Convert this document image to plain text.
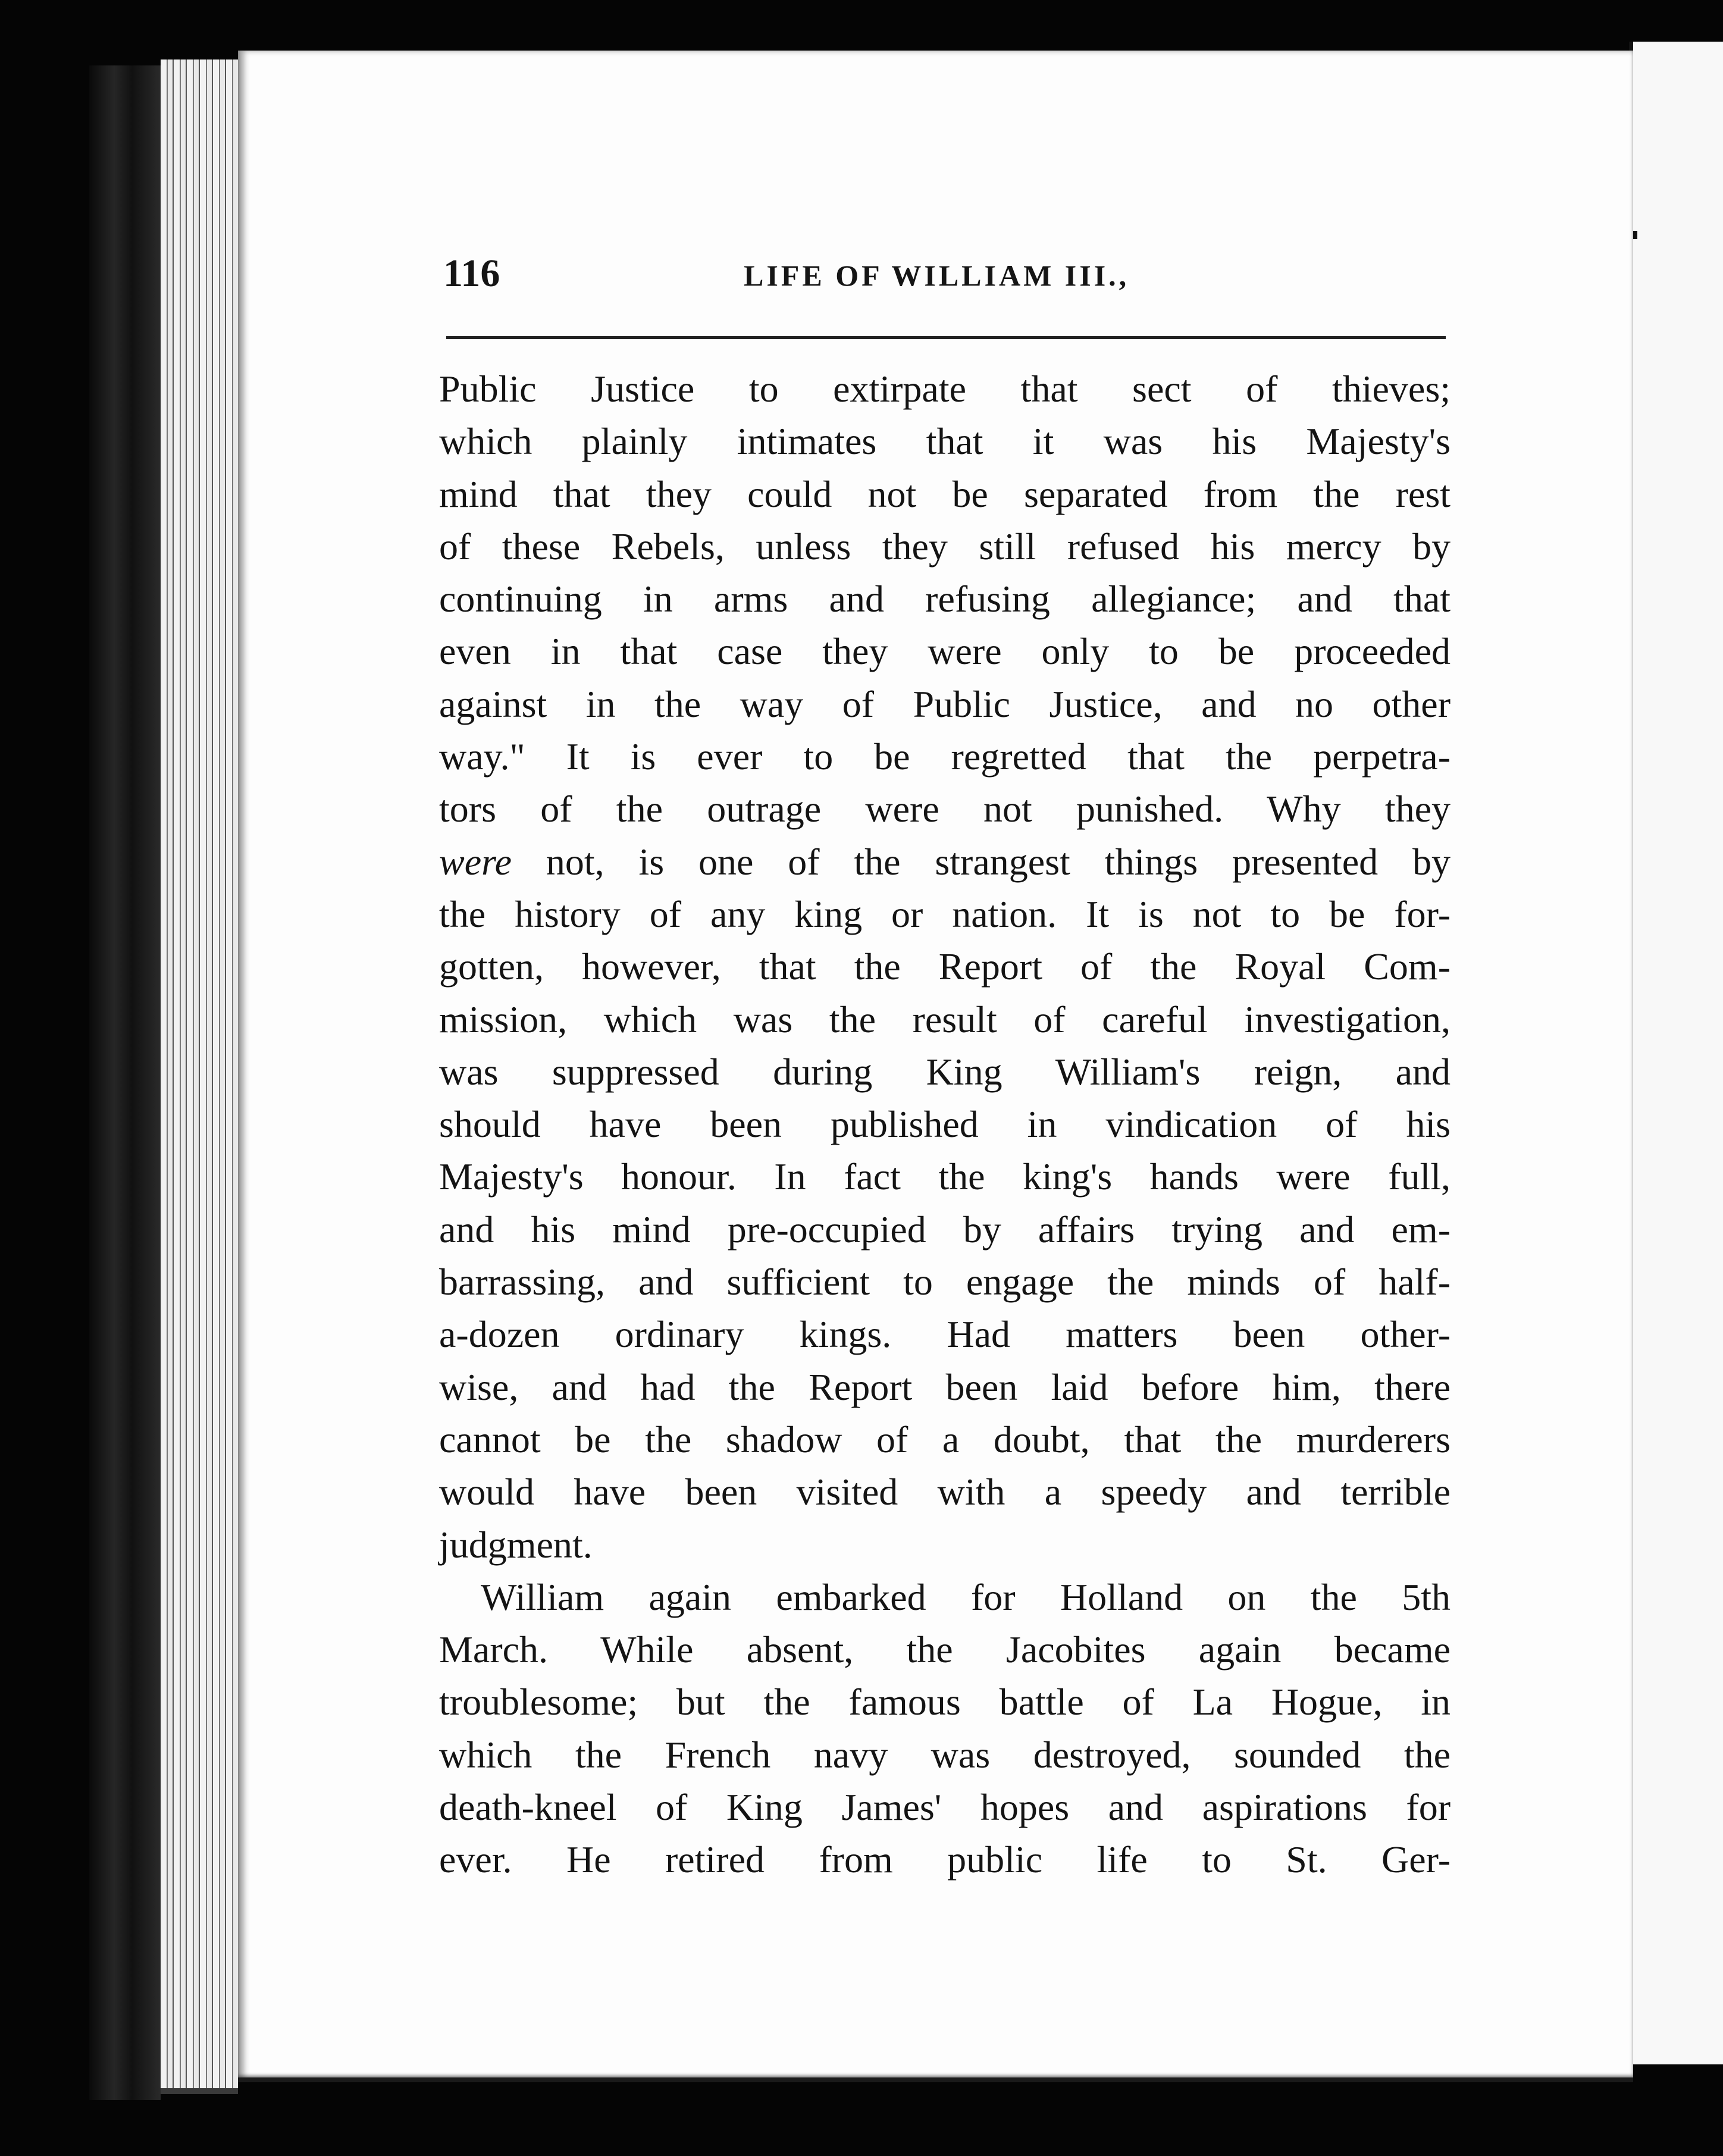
116	LIFE OF WILLIAM III.,
Public Justice to extirpate that sect of thieves;
which plainly intimates that it was his Majesty's
mind that they could not be separated from the rest
of these Rebels, unless they still refused his mercy by
continuing in arms and refusing allegiance; and that
even in that case they were only to be proceeded
against in the way of Public Justice, and no other
way." It is ever to be regretted that the perpetra-
tors of the outrage were not punished. Why they
were not, is one of the strangest things presented by
the history of any king or nation. It is not to be for-
gotten, however, that the Report of the Royal Com-
mission, which was the result of careful investigation,
was suppressed during King William's reign, and
should have been published in vindication of his
Majesty's honour. In fact the king's hands were full,
and his mind pre-occupied by affairs trying and em-
barrassing, and sufficient to engage the minds of half-
a-dozen ordinary kings. Had matters been other-
wise, and had the Report been laid before him, there
cannot be the shadow of a doubt, that the murderers
would have been visited with a speedy and terrible
judgment.
William again embarked for Holland on the 5th
March. While absent, the Jacobites again became
troublesome; but the famous battle of La Hogue, in
which the French navy was destroyed, sounded the
death-kneel of King James' hopes and aspirations for
ever. He retired from public life to St. Ger-
